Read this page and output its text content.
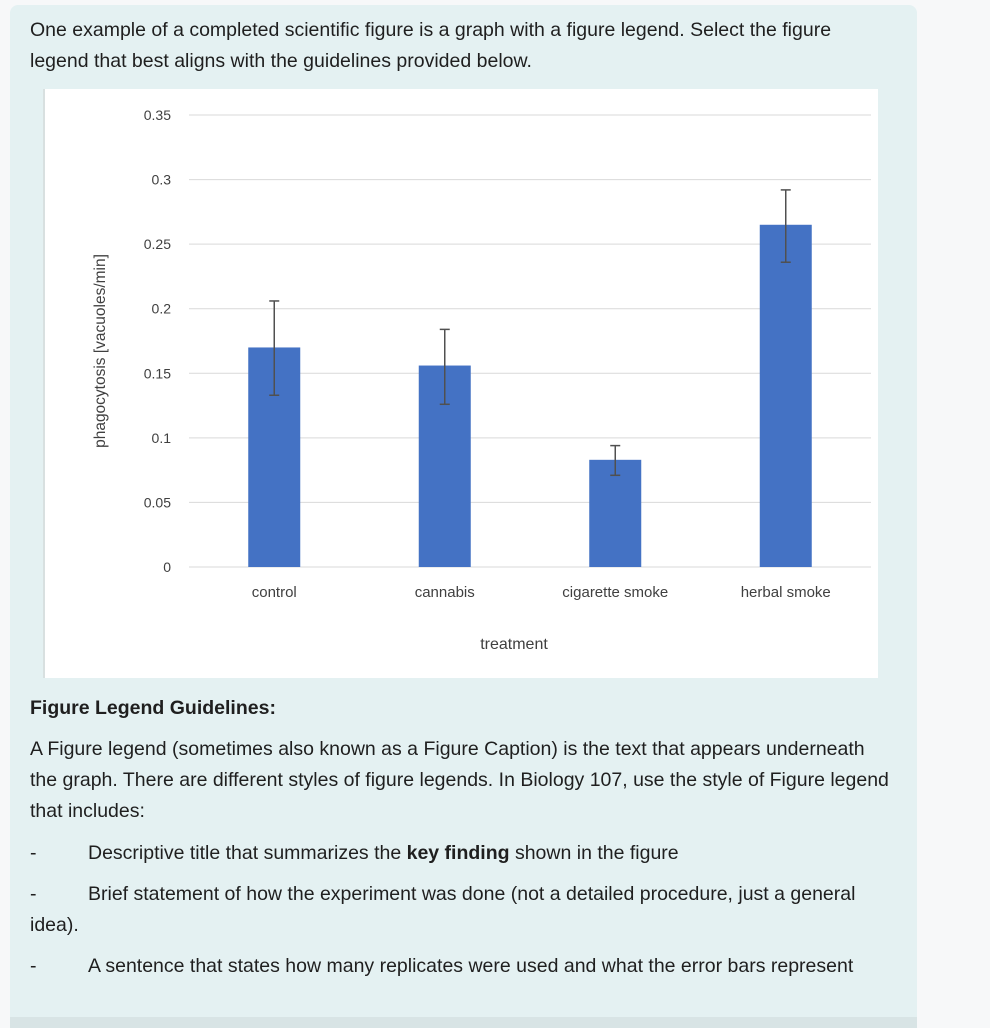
One example of a completed scientific figure is a graph with a figure legend. Select the figure legend that best aligns with the guidelines provided below.

0
0.05
0.1
0.15
0.2
0.25
0.3
0.35
control	cannabis	cigarette smoke	herbal smoke
treatment
phagocytosis [vacuoles/min]

Figure Legend Guidelines:

A Figure legend (sometimes also known as a Figure Caption) is the text that appears underneath the graph. There are different styles of figure legends. In Biology 107, use the style of Figure legend that includes:

-	Descriptive title that summarizes the key finding shown in the figure
-	Brief statement of how the experiment was done (not a detailed procedure, just a general idea).
-	A sentence that states how many replicates were used and what the error bars represent
